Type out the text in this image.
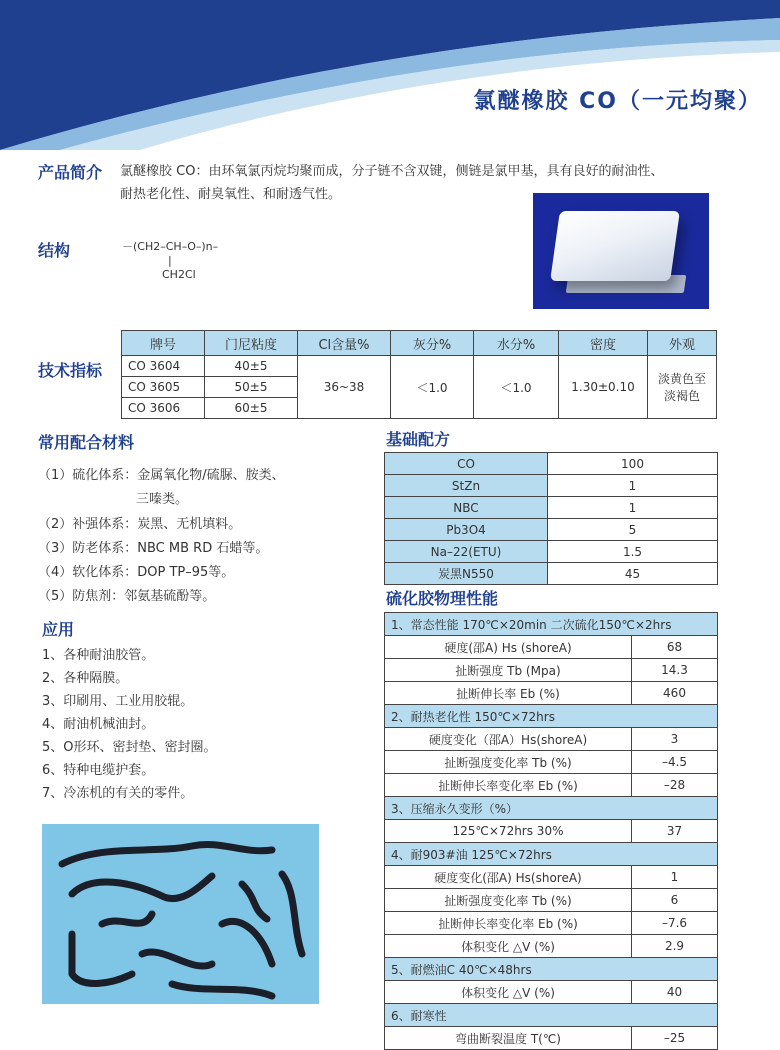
氯醚橡胶 CO（一元均聚）
产品简介 氯醚橡胶 CO：由环氧氯丙烷均聚而成，分子链不含双键，侧链是氯甲基，具有良好的耐油性、
耐热老化性、耐臭氧性、和耐透气性。
结构	－(CH2–CH–O–)n–
|
CH2Cl
技术指标
牌号	门尼粘度	Cl含量%	灰分%	水分%	密度	外观
CO 3604	40±5	36~38	＜1.0	＜1.0	1.30±0.10	淡黄色至
淡褐色

CO 3605	50±5					
CO 3606	60±5					
常用配合材料
（1）硫化体系：金属氧化物/硫脲、胺类、
三嗪类。
（2）补强体系：炭黑、无机填料。
（3）防老体系：NBC MB RD 石蜡等。
（4）软化体系：DOP TP–95等。
（5）防焦剂：邻氨基硫酚等。
应用
1、各种耐油胶管。
2、各种隔膜。
3、印刷用、工业用胶辊。
4、耐油机械油封。
5、O形环、密封垫、密封圈。
6、特种电缆护套。
7、冷冻机的有关的零件。
基础配方
CO	100
StZn	1
NBC	1
Pb3O4	5
Na–22(ETU)	1.5
炭黑N550	45
硫化胶物理性能
1、常态性能 170℃×20min 二次硫化150℃×2hrs	
硬度(邵A) Hs (shoreA)	68
扯断强度 Tb (Mpa)	14.3
扯断伸长率 Eb (%)	460
2、耐热老化性 150℃×72hrs	
硬度变化（邵A）Hs(shoreA)	3
扯断强度变化率 Tb (%)	–4.5
扯断伸长率变化率 Eb (%)	–28
3、压缩永久变形（%）	
125℃×72hrs 30%	37
4、耐903#油 125℃×72hrs	
硬度变化(邵A) Hs(shoreA)	1
扯断强度变化率 Tb (%)	6
扯断伸长率变化率 Eb (%)	–7.6
体积变化 △V (%)	2.9
5、耐燃油C 40℃×48hrs	
体积变化 △V (%)	40
6、耐寒性	
弯曲断裂温度 T(℃)	–25
